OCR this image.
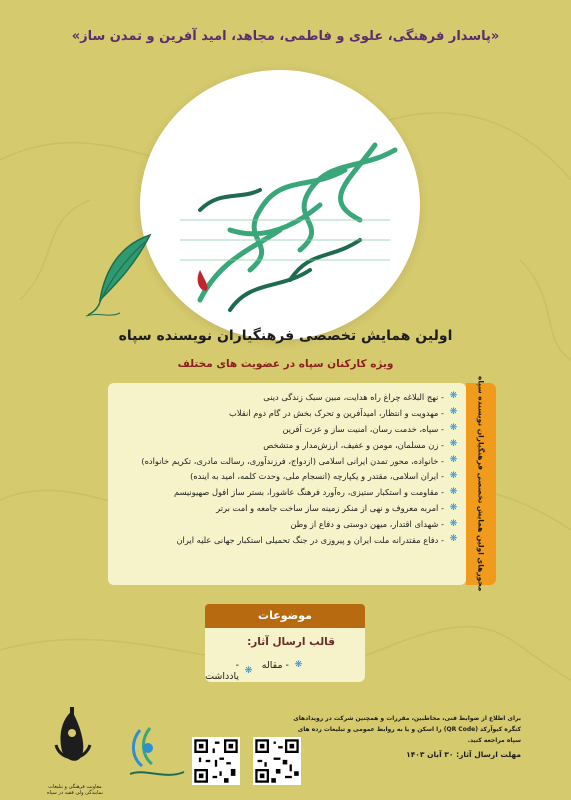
«پاسدار فرهنگی، علوی و فاطمی، مجاهد، امید آفرین و تمدن ساز»
اولین همایش تخصصی فرهنگیاران نویسنده سپاه
ویژه کارکنان سپاه در عضویت های مختلف
❋
- نهج البلاغه چراغ راه هدایت، مبین سبک زندگی دینی
❋
- مهدویت و انتظار، امیدآفرین و تحرک بخش در گام دوم انقلاب
❋
- سپاه، خدمت رسان، امنیت ساز و عزت آفرین
❋
- زن مسلمان، مومن و عفیف، ارزش‌مدار و متشخص
❋
- خانواده، محور تمدن ایرانی اسلامی (ازدواج، فرزندآوری، رسالت مادری، تکریم خانواده)
❋
- ایران اسلامی، مقتدر و یکپارچه (انسجام ملی، وحدت کلمه، امید به اینده)
❋
- مقاومت و استکبار ستیزی، ره‌آورد فرهنگ عاشورا، بستر ساز افول صهیونیسم
❋
- امربه معروف و نهی از منکر زمینه ساز ساخت جامعه و امت برتر
❋
- شهدای اقتدار، میهن دوستی و دفاع از وطن
❋
- دفاع مقتدرانه ملت ایران و پیروزی در جنگ تحمیلی استکبار جهانی علیه ایران	محورهای اولین همایش تخصصی فرهنگیاران نویسنده سپاه
موضوعات
قالب ارسال آثار:
❋
- مقاله
❋
- یادداشت
برای اطلاع از ضوابط فنی، مخاطبین، مقررات و همچنین شرکت در رویدادهای کنگره کیوآرکد (QR Code) را اسکن و یا به روابط عمومی و تبلیغات رده های سپاه مراجعه کنید.
مهلت ارسال آثار: ۳۰ آبان ۱۴۰۳
معاونت فرهنگی و تبلیغات نمایندگی ولی فقیه در سپاه
